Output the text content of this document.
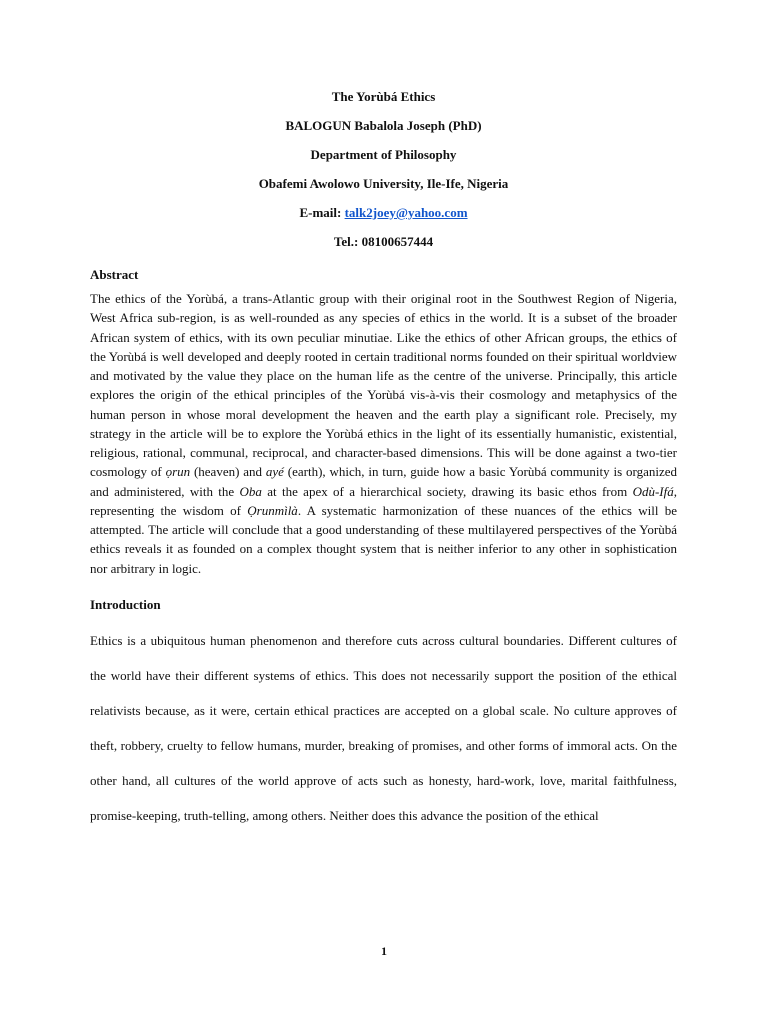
The Yorùbá Ethics

BALOGUN Babalola Joseph (PhD)

Department of Philosophy

Obafemi Awolowo University, Ile-Ife, Nigeria

E-mail: talk2joey@yahoo.com

Tel.: 08100657444

Abstract

The ethics of the Yorùbá, a trans-Atlantic group with their original root in the Southwest Region of Nigeria, West Africa sub-region, is as well-rounded as any species of ethics in the world. It is a subset of the broader African system of ethics, with its own peculiar minutiae. Like the ethics of other African groups, the ethics of the Yorùbá is well developed and deeply rooted in certain traditional norms founded on their spiritual worldview and motivated by the value they place on the human life as the centre of the universe. Principally, this article explores the origin of the ethical principles of the Yorùbá vis-à-vis their cosmology and metaphysics of the human person in whose moral development the heaven and the earth play a significant role. Precisely, my strategy in the article will be to explore the Yorùbá ethics in the light of its essentially humanistic, existential, religious, rational, communal, reciprocal, and character-based dimensions. This will be done against a two-tier cosmology of ọrun (heaven) and ayé (earth), which, in turn, guide how a basic Yorùbá community is organized and administered, with the Oba at the apex of a hierarchical society, drawing its basic ethos from Odù-Ifá, representing the wisdom of Ọrunmìlà. A systematic harmonization of these nuances of the ethics will be attempted. The article will conclude that a good understanding of these multilayered perspectives of the Yorùbá ethics reveals it as founded on a complex thought system that is neither inferior to any other in sophistication nor arbitrary in logic.

Introduction

Ethics is a ubiquitous human phenomenon and therefore cuts across cultural boundaries. Different cultures of the world have their different systems of ethics. This does not necessarily support the position of the ethical relativists because, as it were, certain ethical practices are accepted on a global scale. No culture approves of theft, robbery, cruelty to fellow humans, murder, breaking of promises, and other forms of immoral acts. On the other hand, all cultures of the world approve of acts such as honesty, hard-work, love, marital faithfulness, promise-keeping, truth-telling, among others. Neither does this advance the position of the ethical

1
